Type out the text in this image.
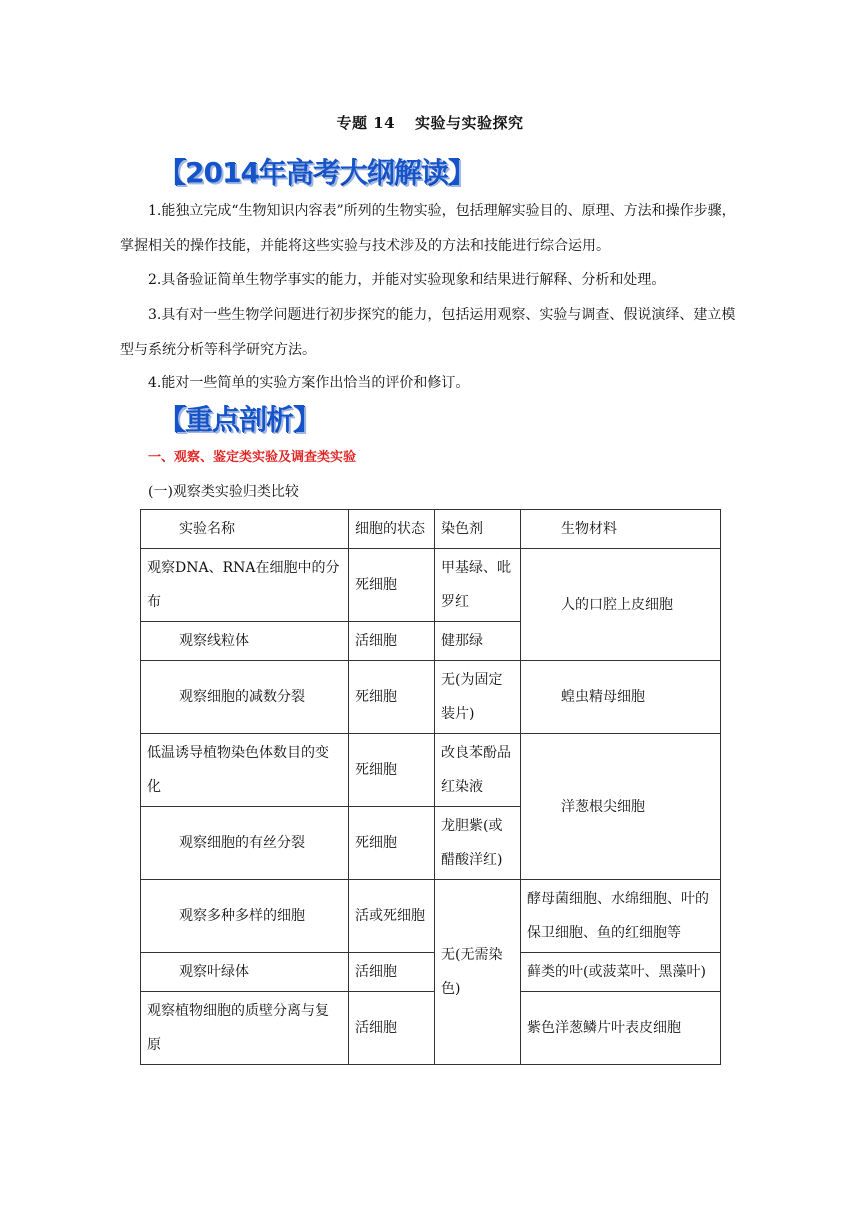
专题 14 实验与实验探究
【2014年高考大纲解读】

1.能独立完成“生物知识内容表”所列的生物实验，包括理解实验目的、原理、方法和操作步骤，掌握相关的操作技能，并能将这些实验与技术涉及的方法和技能进行综合运用。

2.具备验证简单生物学事实的能力，并能对实验现象和结果进行解释、分析和处理。

3.具有对一些生物学问题进行初步探究的能力，包括运用观察、实验与调查、假说演绎、建立模型与系统分析等科学研究方法。

4.能对一些简单的实验方案作出恰当的评价和修订。

【重点剖析】
一、观察、鉴定类实验及调查类实验
(一)观察类实验归类比较
实验名称	细胞的状态	染色剂	生物材料
观察DNA、RNA在细胞中的分布	死细胞	甲基绿、吡罗红	人的口腔上皮细胞
观察线粒体	活细胞	健那绿	
观察细胞的减数分裂	死细胞	无(为固定装片)	蝗虫精母细胞
低温诱导植物染色体数目的变化	死细胞	改良苯酚品红染液	洋葱根尖细胞
观察细胞的有丝分裂	死细胞	龙胆紫(或醋酸洋红)	
观察多种多样的细胞	活或死细胞	无(无需染色)	酵母菌细胞、水绵细胞、叶的保卫细胞、鱼的红细胞等
观察叶绿体	活细胞		藓类的叶(或菠菜叶、黑藻叶)
观察植物细胞的质壁分离与复原	活细胞		紫色洋葱鳞片叶表皮细胞
